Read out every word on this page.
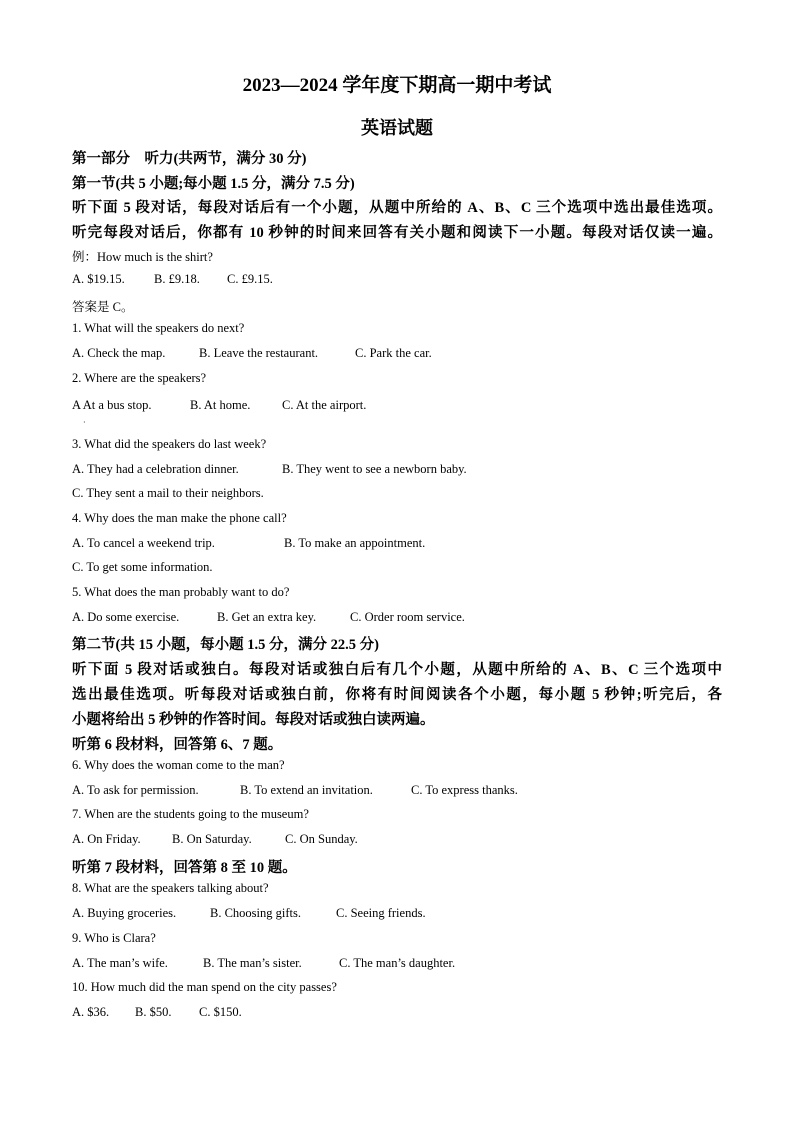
2023—2024 学年度下期高一期中考试
英语试题
第一部分　听力(共两节，满分 30 分)
第一节(共 5 小题;每小题 1.5 分，满分 7.5 分)
听下面 5 段对话，每段对话后有一个小题，从题中所给的 A、B、C 三个选项中选出最佳选项。
听完每段对话后，你都有 10 秒钟的时间来回答有关小题和阅读下一小题。每段对话仅读一遍。
例：How much is the shirt?
A. $19.15. B. £9.18. C. £9.15.
答案是 C。
1. What will the speakers do next?
A. Check the map.	B. Leave the restaurant.	C. Park the car.
2. Where are the speakers?
A At a bus stop.	B. At home.	C. At the airport.
·
3. What did the speakers do last week?
A. They had a celebration dinner.	B. They went to see a newborn baby.
C. They sent a mail to their neighbors.
4. Why does the man make the phone call?
A. To cancel a weekend trip.	B. To make an appointment.
C. To get some information.
5. What does the man probably want to do?
A. Do some exercise.	B. Get an extra key.	C. Order room service.
第二节(共 15 小题，每小题 1.5 分，满分 22.5 分)
听下面 5 段对话或独白。每段对话或独白后有几个小题，从题中所给的 A、B、C 三个选项中
选出最佳选项。听每段对话或独白前，你将有时间阅读各个小题，每小题 5 秒钟;听完后，各
小题将给出 5 秒钟的作答时间。每段对话或独白读两遍。
听第 6 段材料，回答第 6、7 题。
6. Why does the woman come to the man?
A. To ask for permission.	B. To extend an invitation.	C. To express thanks.
7. When are the students going to the museum?
A. On Friday.	B. On Saturday.	C. On Sunday.
听第 7 段材料，回答第 8 至 10 题。
8. What are the speakers talking about?
A. Buying groceries.	B. Choosing gifts.	C. Seeing friends.
9. Who is Clara?
A. The man’s wife.	B. The man’s sister.	C. The man’s daughter.
10. How much did the man spend on the city passes?
A. $36. B. $50. C. $150.
